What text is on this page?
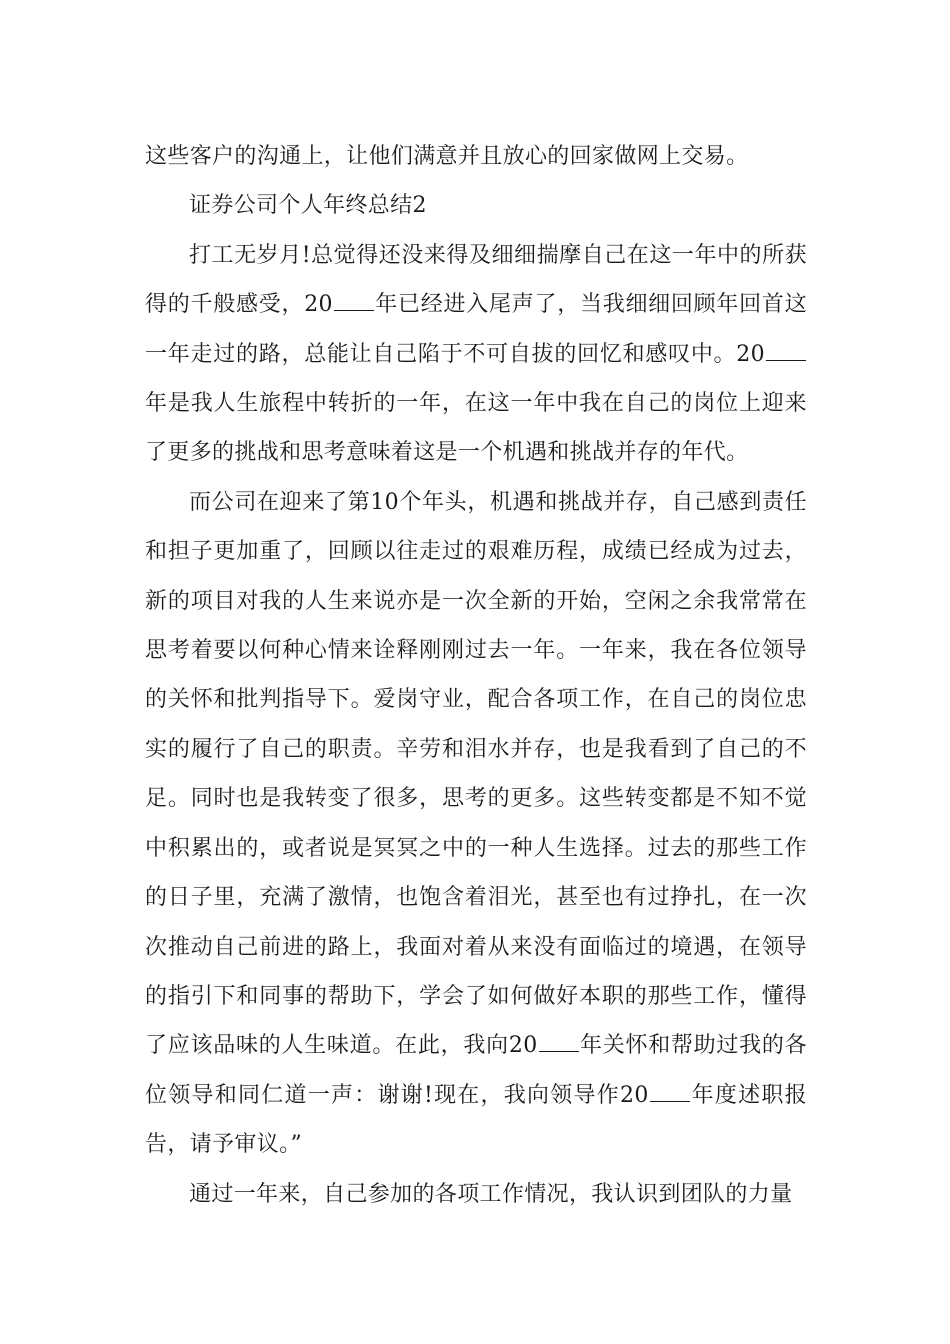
这些客户的沟通上，让他们满意并且放心的回家做网上交易。

证券公司个人年终总结2

打工无岁月!总觉得还没来得及细细揣摩自己在这一年中的所获得的千般感受，20 年已经进入尾声了，当我细细回顾年回首这一年走过的路，总能让自己陷于不可自拔的回忆和感叹中。20年是我人生旅程中转折的一年，在这一年中我在自己的岗位上迎来了更多的挑战和思考意味着这是一个机遇和挑战并存的年代。

而公司在迎来了第10个年头，机遇和挑战并存，自己感到责任和担子更加重了，回顾以往走过的艰难历程，成绩已经成为过去，新的项目对我的人生来说亦是一次全新的开始，空闲之余我常常在思考着要以何种心情来诠释刚刚过去一年。一年来，我在各位领导的关怀和批判指导下。爱岗守业，配合各项工作，在自己的岗位忠实的履行了自己的职责。辛劳和泪水并存，也是我看到了自己的不足。同时也是我转变了很多，思考的更多。这些转变都是不知不觉中积累出的，或者说是冥冥之中的一种人生选择。过去的那些工作的日子里，充满了激情，也饱含着泪光，甚至也有过挣扎，在一次次推动自己前进的路上，我面对着从来没有面临过的境遇，在领导的指引下和同事的帮助下，学会了如何做好本职的那些工作，懂得了应该品味的人生味道。在此，我向20 年关怀和帮助过我的各位领导和同仁道一声：谢谢!现在，我向领导作20 年度述职报告，请予审议。”

通过一年来，自己参加的各项工作情况，我认识到团队的力量
